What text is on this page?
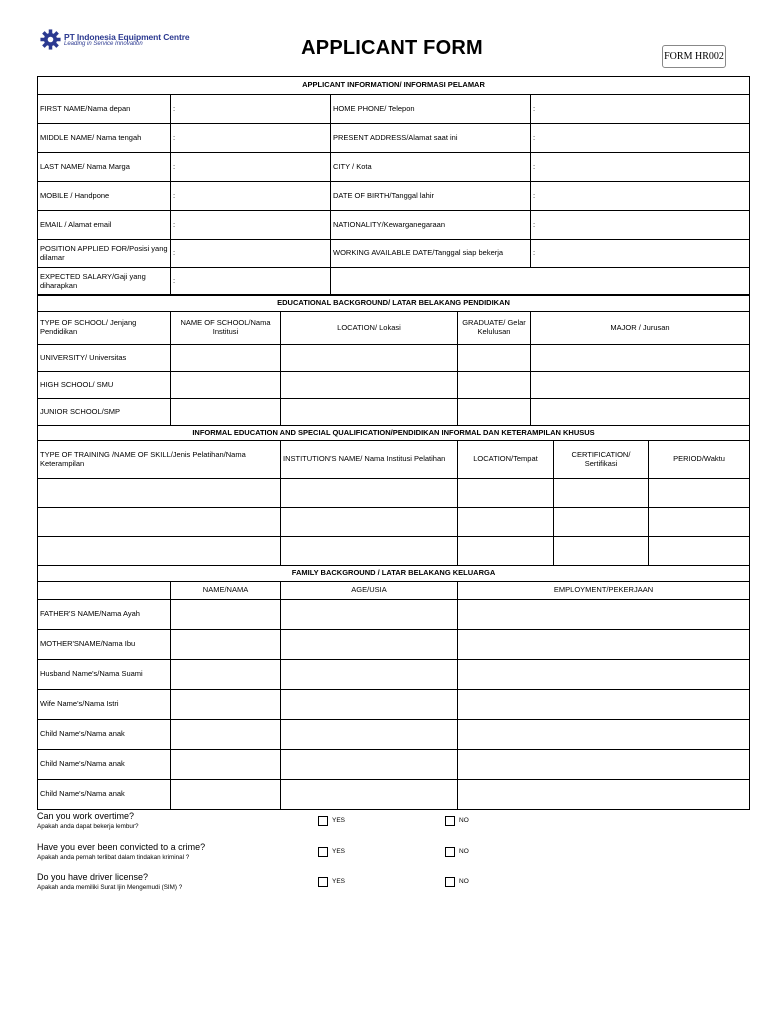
PT Indonesia Equipment Centre
Leading in Service Innovation	APPLICANT FORM	FORM HR002
APPLICANT INFORMATION/ INFORMASI PELAMAR			
FIRST NAME/Nama depan	:	HOME PHONE/ Telepon	:
MIDDLE NAME/ Nama tengah	:	PRESENT ADDRESS/Alamat saat ini	:
LAST NAME/ Nama Marga	:	CITY / Kota	:
MOBILE / Handpone	:	DATE OF BIRTH/Tanggal lahir	:
EMAIL / Alamat email	:	NATIONALITY/Kewarganegaraan	:
POSITION APPLIED FOR/Posisi yang dilamar	:	WORKING AVAILABLE DATE/Tanggal siap bekerja	:
EXPECTED SALARY/Gaji yang diharapkan	:		
EDUCATIONAL BACKGROUND/ LATAR BELAKANG PENDIDIKAN				
TYPE OF SCHOOL/ Jenjang Pendidikan	NAME OF SCHOOL/Nama Institusi	LOCATION/ Lokasi	GRADUATE/ Gelar Kelulusan	MAJOR / Jurusan
UNIVERSITY/ Universitas				
HIGH SCHOOL/ SMU				
JUNIOR SCHOOL/SMP				
INFORMAL EDUCATION AND SPECIAL QUALIFICATION/PENDIDIKAN INFORMAL DAN KETERAMPILAN KHUSUS				
TYPE OF TRAINING /NAME OF SKILL/Jenis Pelatihan/Nama Keterampilan	INSTITUTION'S NAME/ Nama Institusi Pelatihan	LOCATION/Tempat	CERTIFICATION/ Sertifikasi	PERIOD/Waktu

FAMILY BACKGROUND / LATAR BELAKANG KELUARGA			
	NAME/NAMA	AGE/USIA	EMPLOYMENT/PEKERJAAN
FATHER'S NAME/Nama Ayah			
MOTHER'SNAME/Nama Ibu			
Husband Name's/Nama Suami			
Wife Name's/Nama Istri			
Child Name's/Nama anak			
Child Name's/Nama anak			
Child Name's/Nama anak			
Can you work overtime?
Apakah anda dapat bekerja lembur?
YES	NO
Have you ever been convicted to a crime?
Apakah anda pernah terlibat dalam tindakan kriminal ?
YES	NO
Do you have driver license?
Apakah anda memiliki Surat Ijin Mengemudi (SIM) ?
YES	NO
